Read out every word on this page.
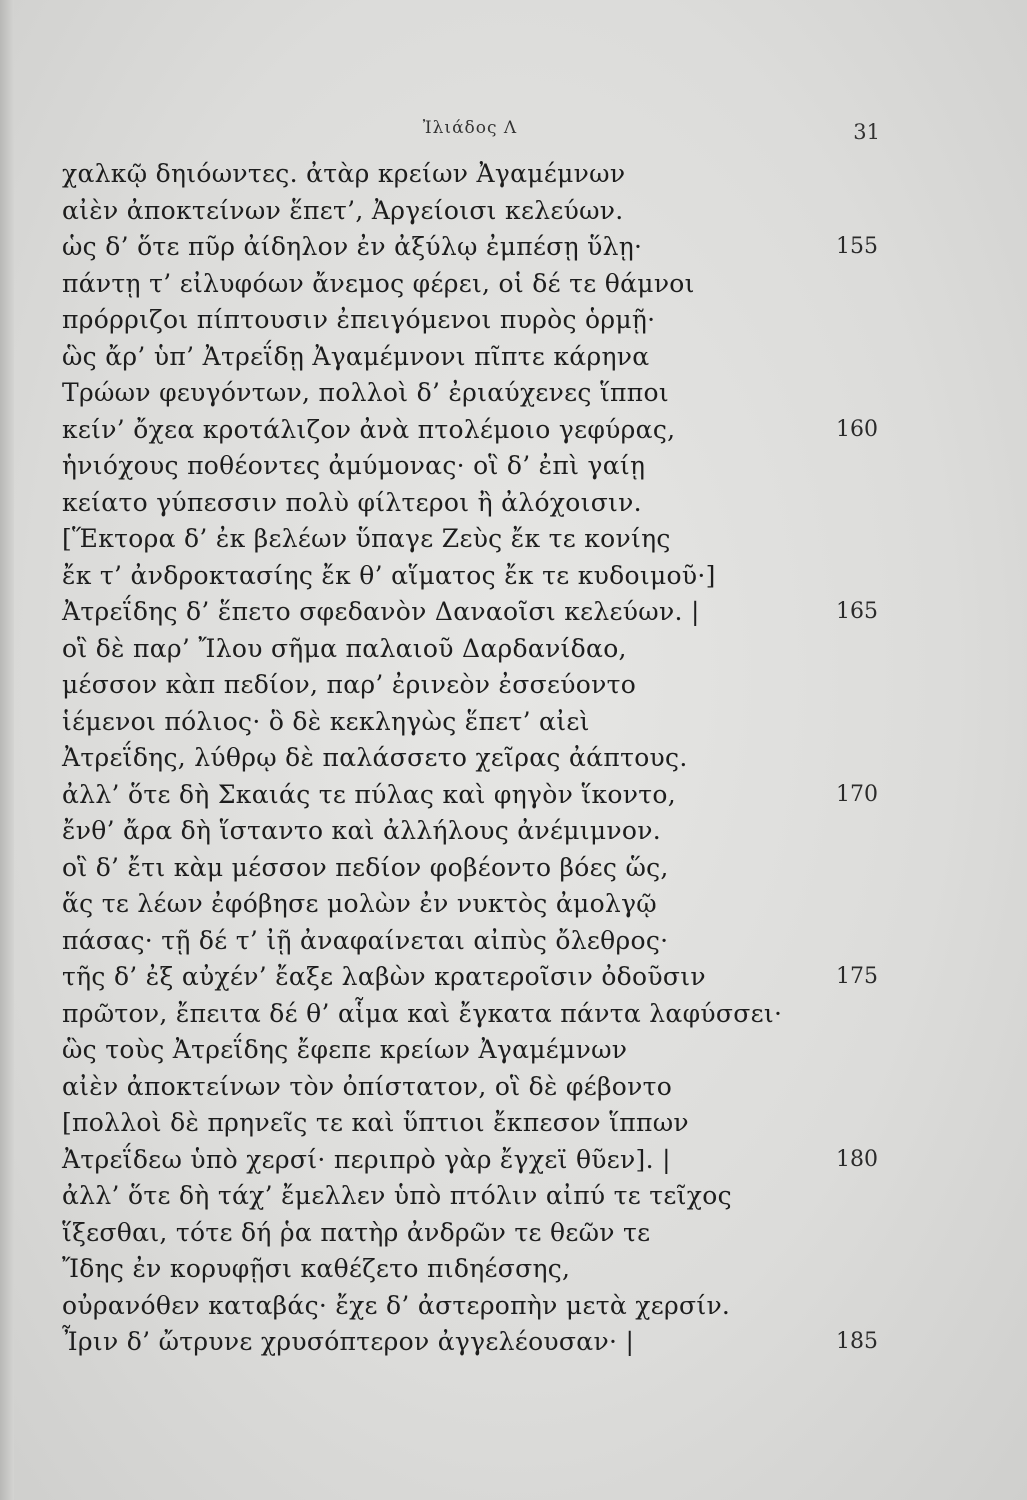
Ἰλιάδος Λ	31
χαλκῷ δηιόωντες. ἀτὰρ κρείων Ἀγαμέμνων
αἰὲν ἀποκτείνων ἕπετ’, Ἀργείοισι κελεύων.
ὡς δ’ ὅτε πῦρ ἀίδηλον ἐν ἀξύλῳ ἐμπέσῃ ὕλῃ·	155
πάντῃ τ’ εἰλυφόων ἄνεμος φέρει, οἱ δέ τε θάμνοι
πρόρριζοι πίπτουσιν ἐπειγόμενοι πυρὸς ὁρμῇ·
ὣς ἄρ’ ὑπ’ Ἀτρεΐδῃ Ἀγαμέμνονι πῖπτε κάρηνα
Τρώων φευγόντων, πολλοὶ δ’ ἐριαύχενες ἵπποι
κείν’ ὄχεα κροτάλιζον ἀνὰ πτολέμοιο γεφύρας,	160
ἡνιόχους ποθέοντες ἀμύμονας· οἳ δ’ ἐπὶ γαίῃ
κείατο γύπεσσιν πολὺ φίλτεροι ἢ ἀλόχοισιν.
[Ἕκτορα δ’ ἐκ βελέων ὕπαγε Ζεὺς ἔκ τε κονίης
ἔκ τ’ ἀνδροκτασίης ἔκ θ’ αἵματος ἔκ τε κυδοιμοῦ·]
Ἀτρεΐδης δ’ ἕπετο σφεδανὸν Δαναοῖσι κελεύων. |	165
οἳ δὲ παρ’ Ἴλου σῆμα παλαιοῦ Δαρδανίδαο,
μέσσον κὰπ πεδίον, παρ’ ἐρινεὸν ἐσσεύοντο
ἱέμενοι πόλιος· ὃ δὲ κεκληγὼς ἕπετ’ αἰεὶ
Ἀτρεΐδης, λύθρῳ δὲ παλάσσετο χεῖρας ἀάπτους.
ἀλλ’ ὅτε δὴ Σκαιάς τε πύλας καὶ φηγὸν ἵκοντο,	170
ἔνθ’ ἄρα δὴ ἵσταντο καὶ ἀλλήλους ἀνέμιμνον.
οἳ δ’ ἔτι κὰμ μέσσον πεδίον φοβέοντο βόες ὥς,
ἅς τε λέων ἐφόβησε μολὼν ἐν νυκτὸς ἀμολγῷ
πάσας· τῇ δέ τ’ ἰῇ ἀναφαίνεται αἰπὺς ὄλεθρος·
τῆς δ’ ἐξ αὐχέν’ ἔαξε λαβὼν κρατεροῖσιν ὀδοῦσιν	175
πρῶτον, ἔπειτα δέ θ’ αἷμα καὶ ἔγκατα πάντα λαφύσσει·
ὣς τοὺς Ἀτρεΐδης ἔφεπε κρείων Ἀγαμέμνων
αἰὲν ἀποκτείνων τὸν ὀπίστατον, οἳ δὲ φέβοντο
[πολλοὶ δὲ πρηνεῖς τε καὶ ὕπτιοι ἔκπεσον ἵππων
Ἀτρεΐδεω ὑπὸ χερσί· περιπρὸ γὰρ ἔγχεϊ θῦεν]. |	180
ἀλλ’ ὅτε δὴ τάχ’ ἔμελλεν ὑπὸ πτόλιν αἰπύ τε τεῖχος
ἵξεσθαι, τότε δή ῥα πατὴρ ἀνδρῶν τε θεῶν τε
Ἴδης ἐν κορυφῇσι καθέζετο πιδηέσσης,
οὐρανόθεν καταβάς· ἔχε δ’ ἀστεροπὴν μετὰ χερσίν.
Ἶριν δ’ ὤτρυνε χρυσόπτερον ἀγγελέουσαν· |	185
